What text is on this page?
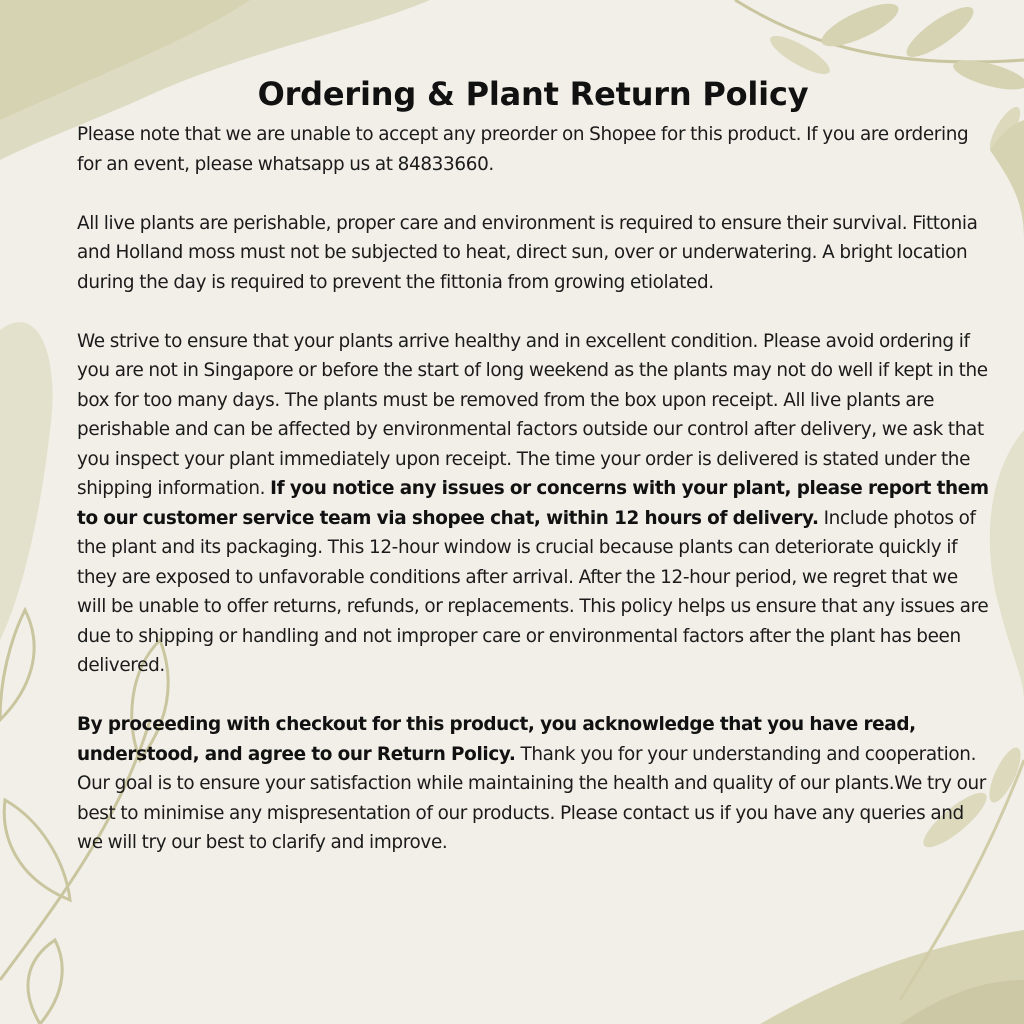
Ordering & Plant Return Policy

Please note that we are unable to accept any preorder on Shopee for this product. If you are ordering for an event, please whatsapp us at 84833660.

All live plants are perishable, proper care and environment is required to ensure their survival. Fittonia and Holland moss must not be subjected to heat, direct sun, over or underwatering. A bright location during the day is required to prevent the fittonia from growing etiolated.

We strive to ensure that your plants arrive healthy and in excellent condition. Please avoid ordering if you are not in Singapore or before the start of long weekend as the plants may not do well if kept in the box for too many days. The plants must be removed from the box upon receipt. All live plants are perishable and can be affected by environmental factors outside our control after delivery, we ask that you inspect your plant immediately upon receipt. The time your order is delivered is stated under the shipping information. If you notice any issues or concerns with your plant, please report them to our customer service team via shopee chat, within 12 hours of delivery. Include photos of the plant and its packaging. This 12-hour window is crucial because plants can deteriorate quickly if they are exposed to unfavorable conditions after arrival. After the 12-hour period, we regret that we will be unable to offer returns, refunds, or replacements. This policy helps us ensure that any issues are due to shipping or handling and not improper care or environmental factors after the plant has been delivered.

By proceeding with checkout for this product, you acknowledge that you have read, understood, and agree to our Return Policy. Thank you for your understanding and cooperation. Our goal is to ensure your satisfaction while maintaining the health and quality of our plants.We try our best to minimise any mispresentation of our products. Please contact us if you have any queries and we will try our best to clarify and improve.
